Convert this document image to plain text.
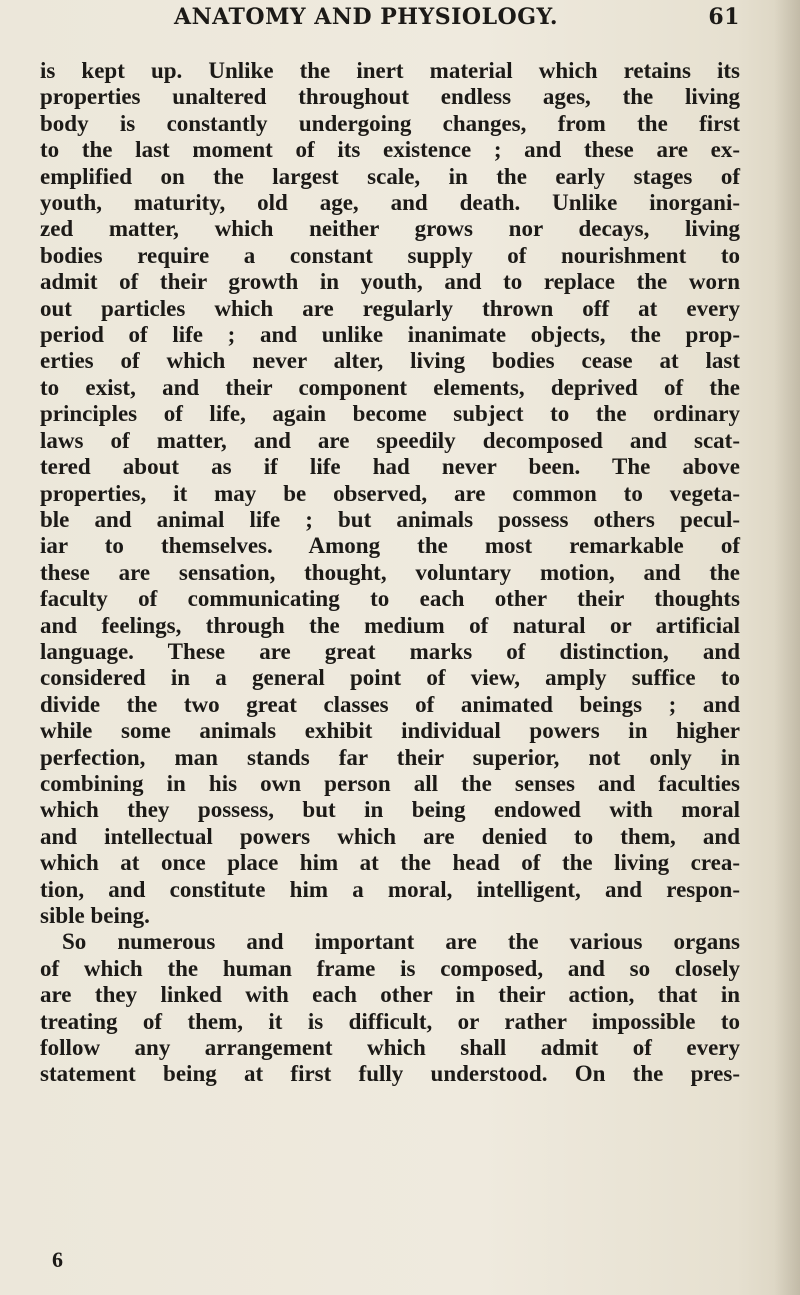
ANATOMY AND PHYSIOLOGY.	61
is kept up. Unlike the inert material which retains its
properties unaltered throughout endless ages, the living
body is constantly undergoing changes, from the first
to the last moment of its existence ; and these are ex-
emplified on the largest scale, in the early stages of
youth, maturity, old age, and death. Unlike inorgani-
zed matter, which neither grows nor decays, living
bodies require a constant supply of nourishment to
admit of their growth in youth, and to replace the worn
out particles which are regularly thrown off at every
period of life ; and unlike inanimate objects, the prop-
erties of which never alter, living bodies cease at last
to exist, and their component elements, deprived of the
principles of life, again become subject to the ordinary
laws of matter, and are speedily decomposed and scat-
tered about as if life had never been. The above
properties, it may be observed, are common to vegeta-
ble and animal life ; but animals possess others pecul-
iar to themselves. Among the most remarkable of
these are sensation, thought, voluntary motion, and the
faculty of communicating to each other their thoughts
and feelings, through the medium of natural or artificial
language. These are great marks of distinction, and
considered in a general point of view, amply suffice to
divide the two great classes of animated beings ; and
while some animals exhibit individual powers in higher
perfection, man stands far their superior, not only in
combining in his own person all the senses and faculties
which they possess, but in being endowed with moral
and intellectual powers which are denied to them, and
which at once place him at the head of the living crea-
tion, and constitute him a moral, intelligent, and respon-
sible being.
So numerous and important are the various organs
of which the human frame is composed, and so closely
are they linked with each other in their action, that in
treating of them, it is difficult, or rather impossible to
follow any arrangement which shall admit of every
statement being at first fully understood. On the pres-
6
